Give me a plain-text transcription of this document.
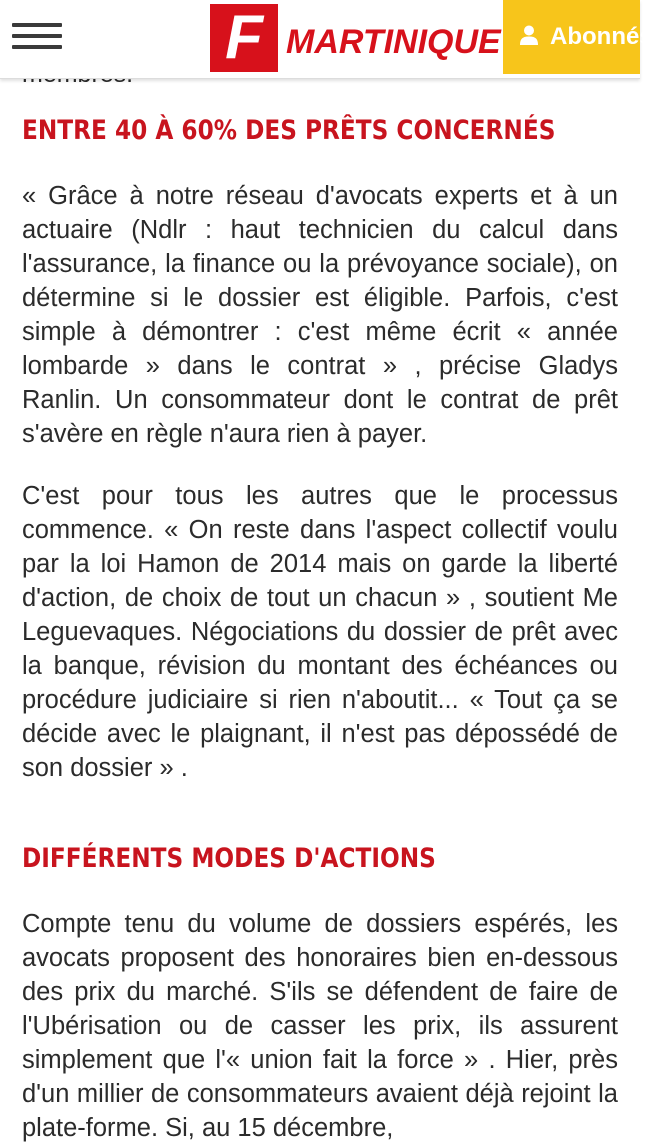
ENTRE 40 À 60% DES PRÊTS CONCERNÉS

« Grâce à notre réseau d'avocats experts et à un actuaire (Ndlr : haut technicien du calcul dans l'assurance, la finance ou la prévoyance sociale), on détermine si le dossier est éligible. Parfois, c'est simple à démontrer : c'est même écrit « année lombarde » dans le contrat » , précise Gladys Ranlin. Un consommateur dont le contrat de prêt s'avère en règle n'aura rien à payer.

C'est pour tous les autres que le processus commence. « On reste dans l'aspect collectif voulu par la loi Hamon de 2014 mais on garde la liberté d'action, de choix de tout un chacun » , soutient Me Leguevaques. Négociations du dossier de prêt avec la banque, révision du montant des échéances ou procédure judiciaire si rien n'aboutit... « Tout ça se décide avec le plaignant, il n'est pas dépossédé de son dossier » .

DIFFÉRENTS MODES D'ACTIONS

Compte tenu du volume de dossiers espérés, les avocats proposent des honoraires bien en-dessous des prix du marché. S'ils se défendent de faire de l'Ubérisation ou de casser les prix, ils assurent simplement que l'« union fait la force » . Hier, près d'un millier de consommateurs avaient déjà rejoint la plate-forme. Si, au 15 décembre,

F MARTINIQUE Abonnés
